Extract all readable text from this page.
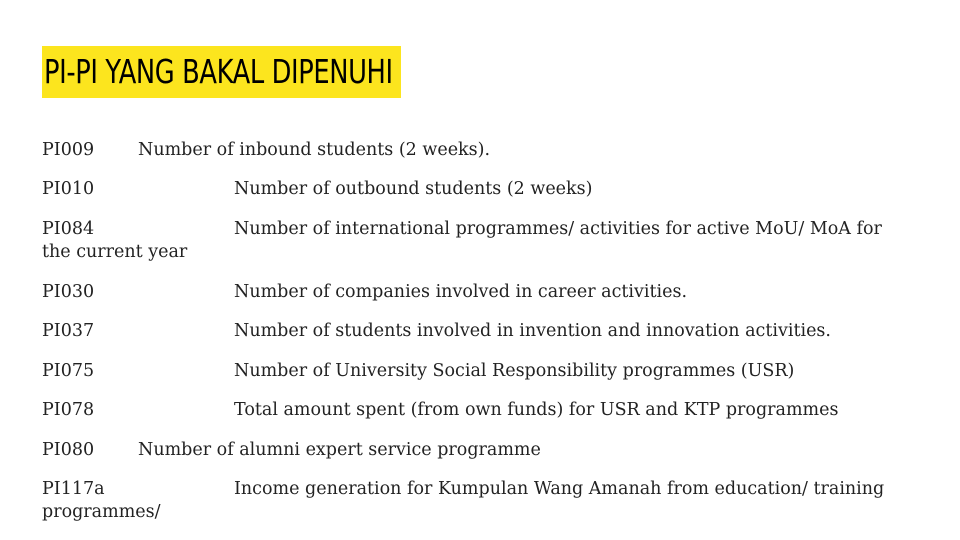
PI-PI YANG BAKAL DIPENUHI
PI009	Number of inbound students (2 weeks).
PI010	Number of outbound students (2 weeks)
PI084	Number of international programmes/ activities for active MoU/ MoA for the current year
PI030	Number of companies involved in career activities.
PI037	Number of students involved in invention and innovation activities.
PI075	Number of University Social Responsibility programmes (USR)
PI078	Total amount spent (from own funds) for USR and KTP programmes
PI080	Number of alumni expert service programme
PI117a	Income generation for Kumpulan Wang Amanah from education/ training programmes/
